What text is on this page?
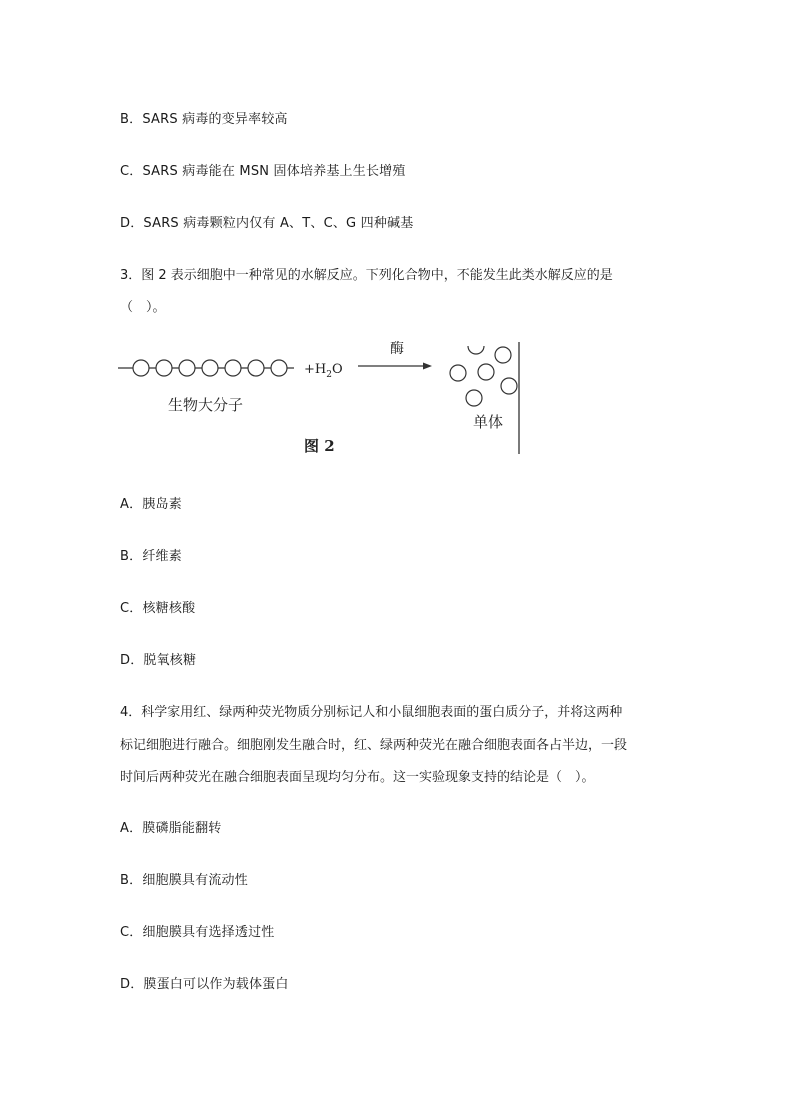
B．SARS 病毒的变异率较高
C．SARS 病毒能在 MSN 固体培养基上生长增殖
D．SARS 病毒颗粒内仅有 A、T、C、G 四种碱基
3．图 2 表示细胞中一种常见的水解反应。下列化合物中，不能发生此类水解反应的是
（　）。
生物大分子
$+H_2O$
酶
单体
图 2
A．胰岛素
B．纤维素
C．核糖核酸
D．脱氧核糖
4．科学家用红、绿两种荧光物质分别标记人和小鼠细胞表面的蛋白质分子，并将这两种
标记细胞进行融合。细胞刚发生融合时，红、绿两种荧光在融合细胞表面各占半边，一段
时间后两种荧光在融合细胞表面呈现均匀分布。这一实验现象支持的结论是（　）。
A．膜磷脂能翻转
B．细胞膜具有流动性
C．细胞膜具有选择透过性
D．膜蛋白可以作为载体蛋白
